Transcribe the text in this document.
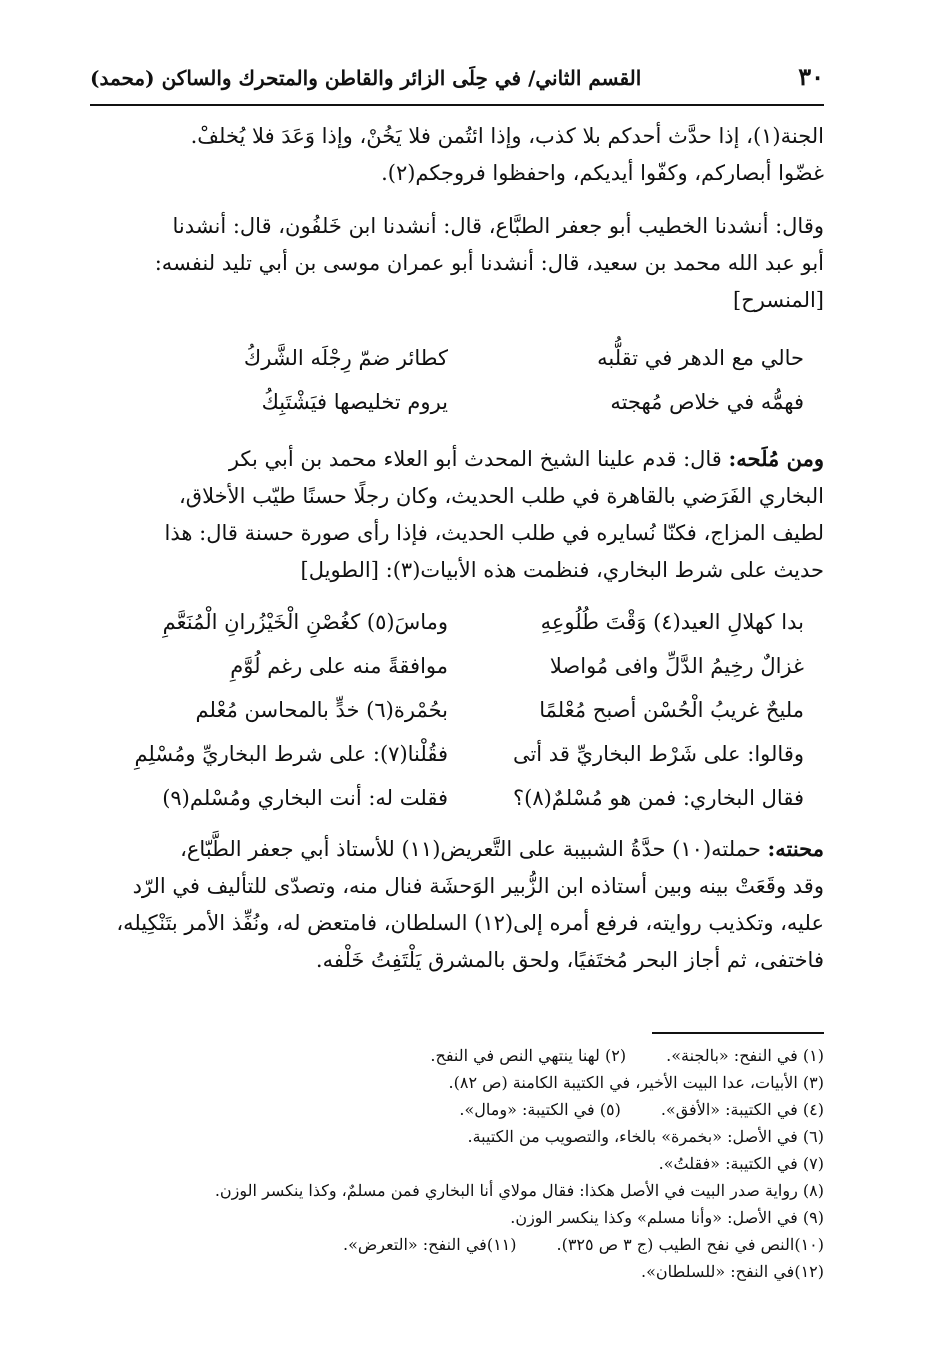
٣٠
القسم الثاني/ في حِلَى الزائر والقاطن والمتحرك والساكن (محمد)
الجنة(١)، إذا حدَّث أحدكم بلا كذب، وإذا ائتُمن فلا يَخُنْ، وإذا وَعَدَ فلا يُخلفْ.
غضّوا أبصاركم، وكفّوا أيديكم، واحفظوا فروجكم(٢).
وقال: أنشدنا الخطيب أبو جعفر الطبَّاع، قال: أنشدنا ابن خَلفُون، قال: أنشدنا
أبو عبد الله محمد بن سعيد، قال: أنشدنا أبو عمران موسى بن أبي تليد لنفسه:
[المنسرح]
حالي مع الدهر في تقلُّبه
كطائر ضمّ رِجْلَه الشَّركُ
فهمُّه في خلاص مُهجته
يروم تخليصها فيَشْتَبِكُ
ومن مُلَحه: قال: قدم علينا الشيخ المحدث أبو العلاء محمد بن أبي بكر
البخاري الفَرَضي بالقاهرة في طلب الحديث، وكان رجلًا حسنًا طيّب الأخلاق،
لطيف المزاج، فكنّا نُسايره في طلب الحديث، فإذا رأى صورة حسنة قال: هذا
حديث على شرط البخاري، فنظمت هذه الأبيات(٣): [الطويل]
بدا كهلالِ العيد(٤) وَقْتَ طُلُوعِهِ
وماسَ(٥) كغُصْنِ الْخَيْزُرانِ الْمُنَعَّمِ
غزالٌ رخِيمُ الدَّلِّ وافى مُواصلا
موافقةً منه على رغم لُوَّمِ
مليحٌ غريبُ الْحُسْن أصبح مُعْلمًا
بحُمْرة(٦) خدٍّ بالمحاسن مُعْلم
وقالوا: على شَرْط البخاريِّ قد أتى
فقُلْنا(٧): على شرط البخاريِّ ومُسْلِمِ
فقال البخاري: فمن هو مُسْلمٌ(٨)؟
فقلت له: أنت البخاري ومُسْلم(٩)
محنته: حملته(١٠) حدَّةُ الشبيبة على التَّعريض(١١) للأستاذ أبي جعفر الطَّبّاع،
وقد وقَعَتْ بينه وبين أستاذه ابن الزُّبير الوَحشَة فنال منه، وتصدّى للتأليف في الرّد
عليه، وتكذيب روايته، فرفع أمره إلى(١٢) السلطان، فامتعض له، ونُفِّذ الأمر بتَنْكِيله،
فاختفى، ثم أجاز البحر مُختَفيًا، ولحق بالمشرق يَلْتَفِتُ خَلْفه.
(١) في النفح: «بالجنة».(٢) لهنا ينتهي النص في النفح.
(٣) الأبيات، عدا البيت الأخير، في الكتيبة الكامنة (ص ٨٢).
(٤) في الكتيبة: «الأفق».(٥) في الكتيبة: «ومال».
(٦) في الأصل: «بخمرة» بالخاء، والتصويب من الكتيبة.
(٧) في الكتيبة: «فقلتُ».
(٨) رواية صدر البيت في الأصل هكذا: فقال مولاي أنا البخاري فمن مسلمٌ، وكذا ينكسر الوزن.
(٩) في الأصل: «وأنا مسلم» وكذا ينكسر الوزن.
(١٠)النص في نفح الطيب (ج ٣ ص ٣٢٥).(١١)في النفح: «التعرض».
(١٢)في النفح: «للسلطان».
